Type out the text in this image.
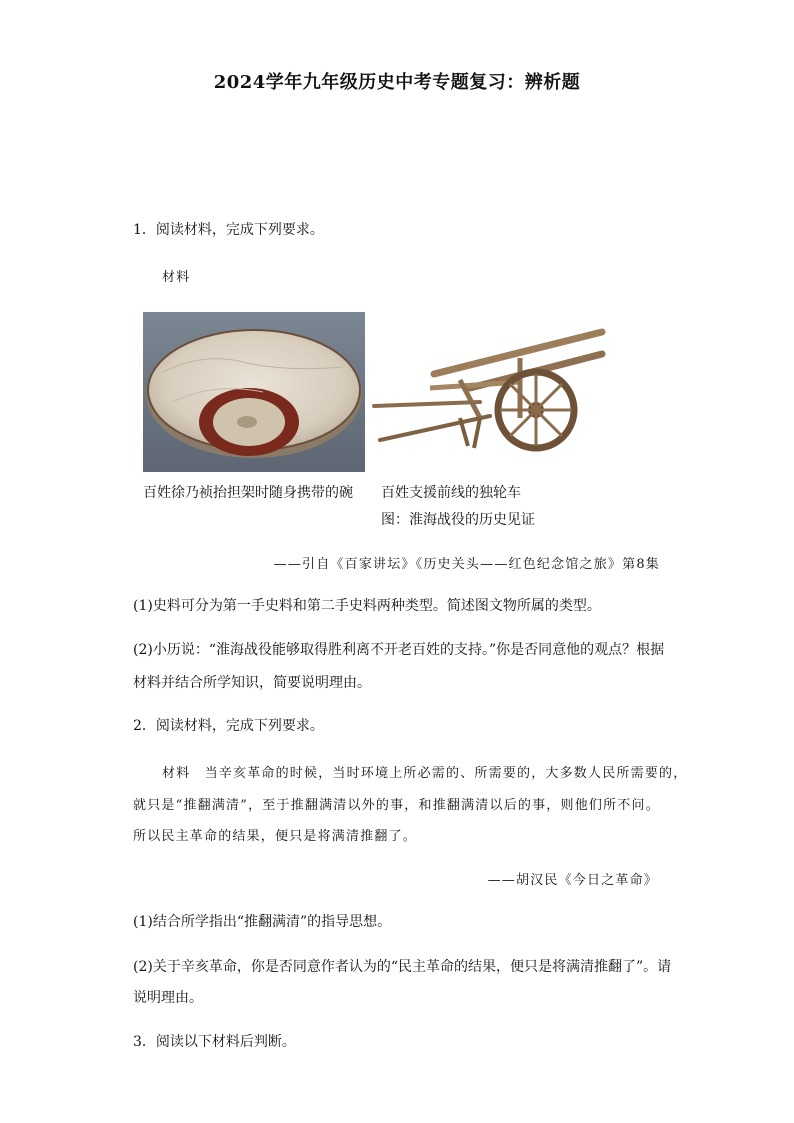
2024学年九年级历史中考专题复习：辨析题
1．阅读材料，完成下列要求。
材料
百姓徐乃祯抬担架时随身携带的碗 百姓支援前线的独轮车
图：淮海战役的历史见证
——引自《百家讲坛》《历史关头——红色纪念馆之旅》第8集
(1)史料可分为第一手史料和第二手史料两种类型。简述图文物所属的类型。
(2)小历说：“淮海战役能够取得胜利离不开老百姓的支持。”你是否同意他的观点？根据
材料并结合所学知识，简要说明理由。
2．阅读材料，完成下列要求。
材料　当辛亥革命的时候，当时环境上所必需的、所需要的，大多数人民所需要的，
就只是“推翻满清”，至于推翻满清以外的事，和推翻满清以后的事，则他们所不问。
所以民主革命的结果，便只是将满清推翻了。
——胡汉民《今日之革命》
(1)结合所学指出“推翻满清”的指导思想。
(2)关于辛亥革命，你是否同意作者认为的“民主革命的结果，便只是将满清推翻了”。请
说明理由。
3．阅读以下材料后判断。
